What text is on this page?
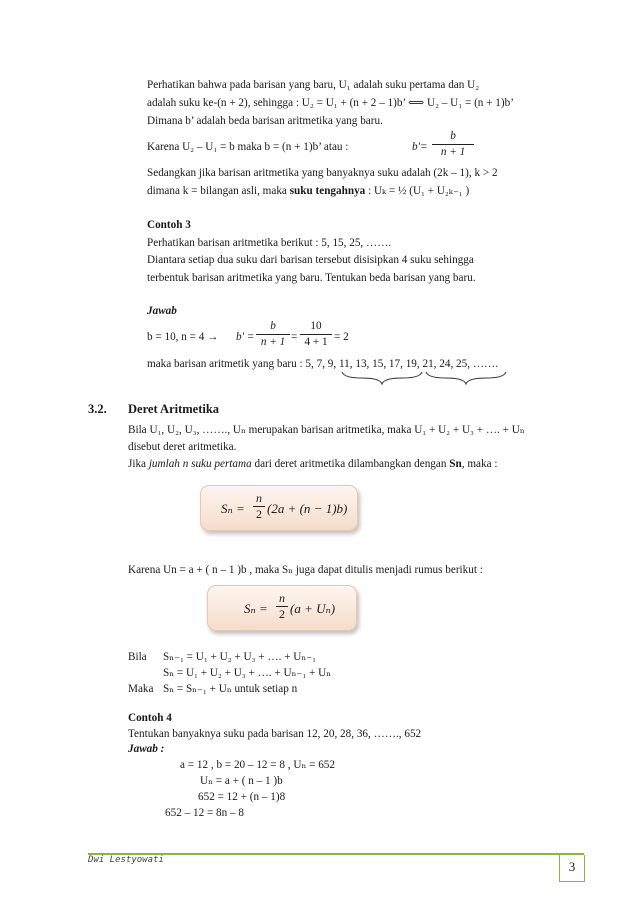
Perhatikan bahwa pada barisan yang baru, U₁ adalah suku pertama dan U₂
adalah suku ke-(n + 2), sehingga : U₂ = U₁ + (n + 2 – 1)b’ ⟺ U₂ – U₁ = (n + 1)b’
Dimana b’ adalah beda barisan aritmetika yang baru.
Karena U₂ – U₁ = b maka b = (n + 1)b’ atau :	b'=
b
n + 1
Sedangkan jika barisan aritmetika yang banyaknya suku adalah (2k – 1), k > 2
dimana k = bilangan asli, maka suku tengahnya : Uₖ = ½ (U₁ + U₂ₖ₋₁ )
Contoh 3
Perhatikan barisan aritmetika berikut : 5, 15, 25, …….
Diantara setiap dua suku dari barisan tersebut disisipkan 4 suku sehingga
terbentuk barisan aritmetika yang baru. Tentukan beda barisan yang baru.
Jawab
b = 10, n = 4 → b' =
b
n + 1 =
10
4 + 1 = 2
maka barisan aritmetik yang baru : 5, 7, 9, 11, 13, 15, 17, 19, 21, 24, 25, …….
3.2. Deret Aritmetika
Bila U₁, U₂, U₃, ……., Uₙ merupakan barisan aritmetika, maka U₁ + U₂ + U₃ + …. + Uₙ
disebut deret aritmetika.
Jika jumlah n suku pertama dari deret aritmetika dilambangkan dengan Sn, maka :
Sₙ =
n
2 (2a + (n − 1)b)
Karena Un = a + ( n – 1 )b , maka Sₙ juga dapat ditulis menjadi rumus berikut :
Sₙ =
n
2 (a + Uₙ)
Bila Sₙ₋₁ = U₁ + U₂ + U₃ + …. + Uₙ₋₁
Sₙ = U₁ + U₂ + U₃ + …. + Uₙ₋₁ + Uₙ
Maka Sₙ = Sₙ₋₁ + Uₙ untuk setiap n
Contoh 4
Tentukan banyaknya suku pada barisan 12, 20, 28, 36, ……., 652
Jawab :
a = 12 , b = 20 – 12 = 8 , Uₙ = 652
Uₙ = a + ( n – 1 )b
652 = 12 + (n – 1)8
652 – 12 = 8n – 8
Dwi Lestyowati	3
